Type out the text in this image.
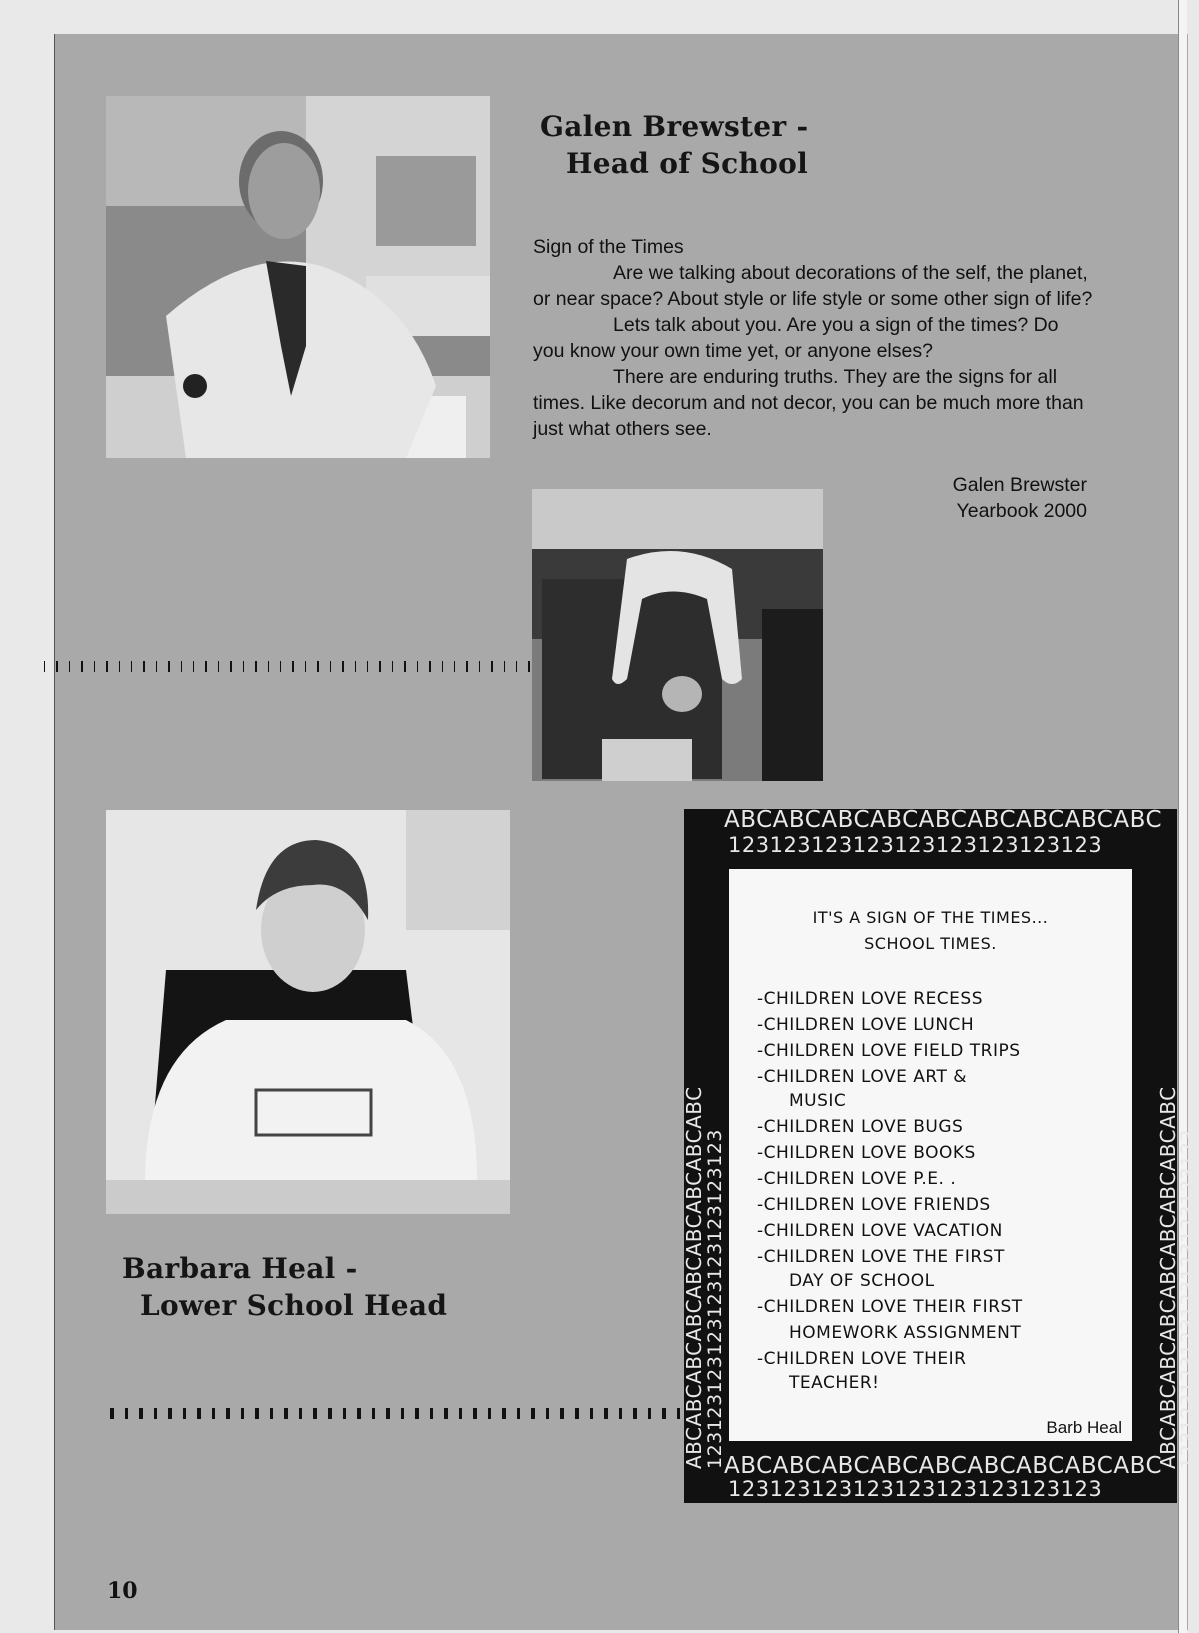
Galen Brewster -
Head of School

Sign of the Times

Are we talking about decorations of the self, the planet, or near space? About style or life style or some other sign of life?

Lets talk about you. Are you a sign of the times? Do you know your own time yet, or anyone elses?

There are enduring truths. They are the signs for all times. Like decorum and not decor, you can be much more than just what others see.

Galen Brewster
Yearbook 2000
Barbara Heal -
Lower School Head
ABCABCABCABCABCABCABCABCABC
123123123123123123123123123
ABCABCABCABCABCABCABCABCABC
123123123123123123123123123
ABCABCABCABCABCABCABCABCABC
123123123123123123123123123	ABCABCABCABCABCABCABCABCABC
123123123123123123123123123
IT'S A SIGN OF THE TIMES...
SCHOOL TIMES.
-CHILDREN LOVE RECESS
-CHILDREN LOVE LUNCH
-CHILDREN LOVE FIELD TRIPS
-CHILDREN LOVE ART &
MUSIC
-CHILDREN LOVE BUGS
-CHILDREN LOVE BOOKS
-CHILDREN LOVE P.E. .
-CHILDREN LOVE FRIENDS
-CHILDREN LOVE VACATION
-CHILDREN LOVE THE FIRST
DAY OF SCHOOL
-CHILDREN LOVE THEIR FIRST
HOMEWORK ASSIGNMENT
-CHILDREN LOVE THEIR
TEACHER!
Barb Heal
10
